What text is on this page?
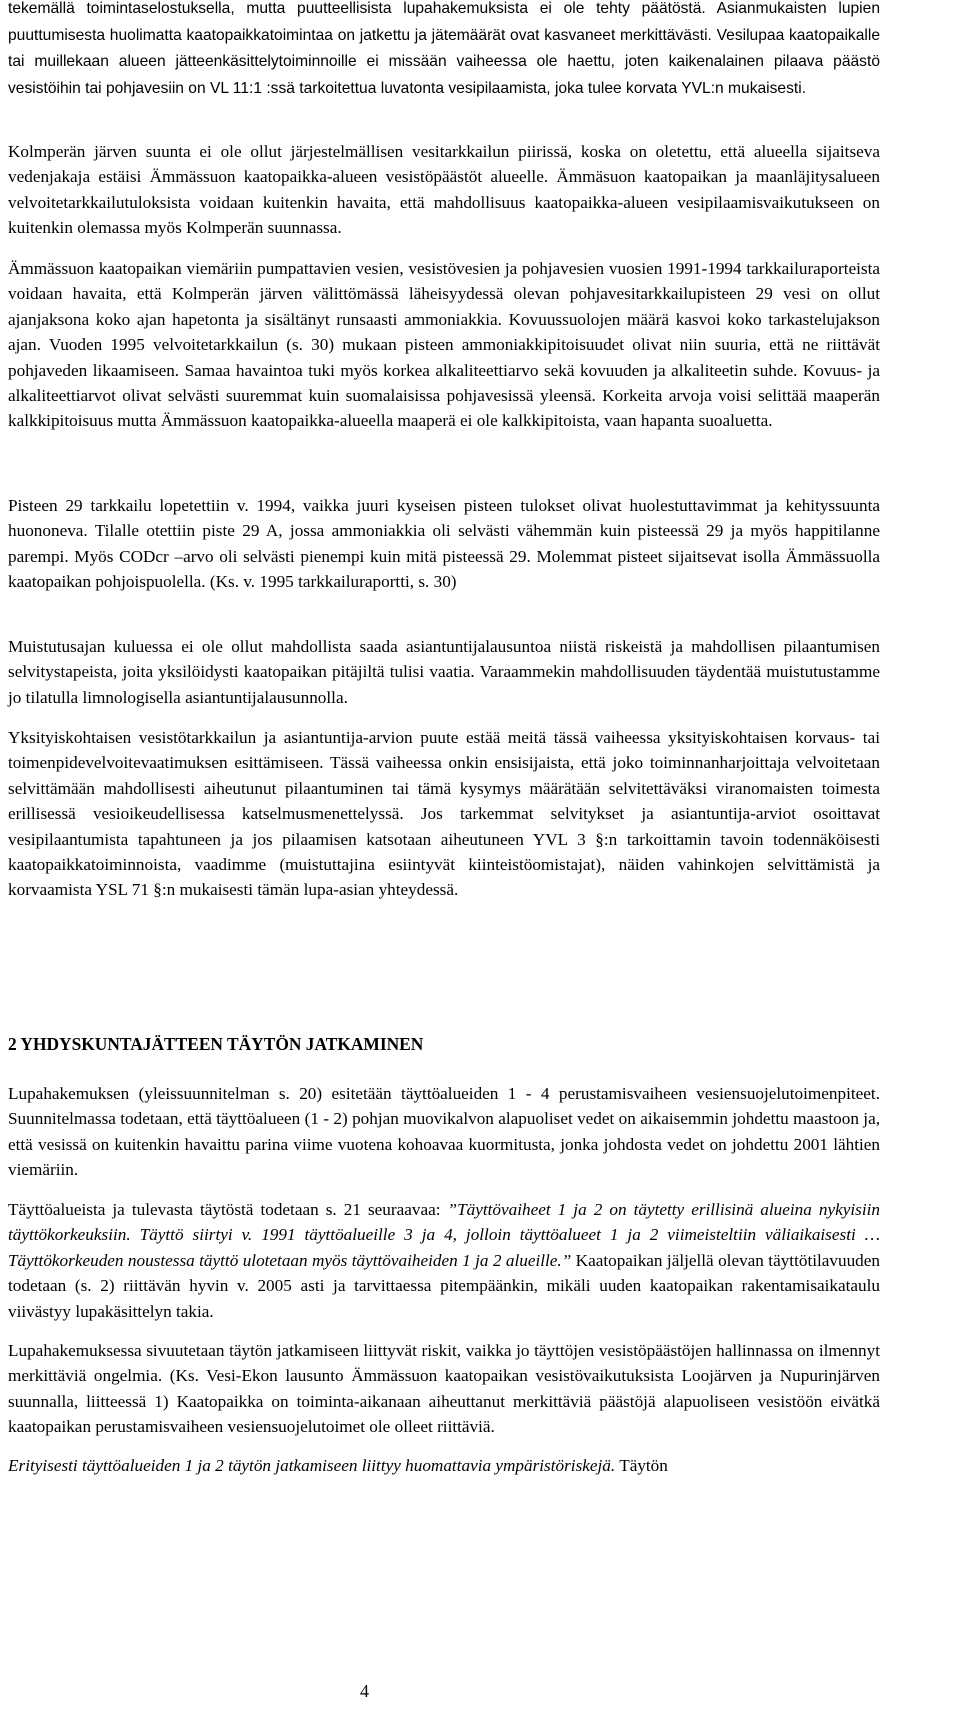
tekemällä toimintaselostuksella, mutta puutteellisista lupahakemuksista ei ole tehty päätöstä. Asianmukaisten lupien puuttumisesta huolimatta kaatopaikkatoimintaa on jatkettu ja jätemäärät ovat kasvaneet merkittävästi. Vesilupaa kaatopaikalle tai muillekaan alueen jätteenkäsittelytoiminnoille ei missään vaiheessa ole haettu, joten kaikenalainen pilaava päästö vesistöihin tai pohjavesiin on VL 11:1 :ssä tarkoitettua luvatonta vesipilaamista, joka tulee korvata YVL:n mukaisesti.

Kolmperän järven suunta ei ole ollut järjestelmällisen vesitarkkailun piirissä, koska on oletettu, että alueella sijaitseva vedenjakaja estäisi Ämmässuon kaatopaikka-alueen vesistöpäästöt alueelle. Ämmäsuon kaatopaikan ja maanläjitysalueen velvoitetarkkailutuloksista voidaan kuitenkin havaita, että mahdollisuus kaatopaikka-alueen vesipilaamisvaikutukseen on kuitenkin olemassa myös Kolmperän suunnassa.

Ämmässuon kaatopaikan viemäriin pumpattavien vesien, vesistövesien ja pohjavesien vuosien 1991-1994 tarkkailuraporteista voidaan havaita, että Kolmperän järven välittömässä läheisyydessä olevan pohjavesitarkkailupisteen 29 vesi on ollut ajanjaksona koko ajan hapetonta ja sisältänyt runsaasti ammoniakkia. Kovuussuolojen määrä kasvoi koko tarkastelujakson ajan. Vuoden 1995 velvoitetarkkailun (s. 30) mukaan pisteen ammoniakkipitoisuudet olivat niin suuria, että ne riittävät pohjaveden likaamiseen. Samaa havaintoa tuki myös korkea alkaliteettiarvo sekä kovuuden ja alkaliteetin suhde. Kovuus- ja alkaliteettiarvot olivat selvästi suuremmat kuin suomalaisissa pohjavesissä yleensä. Korkeita arvoja voisi selittää maaperän kalkkipitoisuus mutta Ämmässuon kaatopaikka-alueella maaperä ei ole kalkkipitoista, vaan hapanta suoaluetta.

Pisteen 29 tarkkailu lopetettiin v. 1994, vaikka juuri kyseisen pisteen tulokset olivat huolestuttavimmat ja kehityssuunta huononeva. Tilalle otettiin piste 29 A, jossa ammoniakkia oli selvästi vähemmän kuin pisteessä 29 ja myös happitilanne parempi. Myös CODcr –arvo oli selvästi pienempi kuin mitä pisteessä 29. Molemmat pisteet sijaitsevat isolla Ämmässuolla kaatopaikan pohjoispuolella. (Ks. v. 1995 tarkkailuraportti, s. 30)

Muistutusajan kuluessa ei ole ollut mahdollista saada asiantuntijalausuntoa niistä riskeistä ja mahdollisen pilaantumisen selvitystapeista, joita yksilöidysti kaatopaikan pitäjiltä tulisi vaatia. Varaammekin mahdollisuuden täydentää muistutustamme jo tilatulla limnologisella asiantuntijalausunnolla.

Yksityiskohtaisen vesistötarkkailun ja asiantuntija-arvion puute estää meitä tässä vaiheessa yksityiskohtaisen korvaus- tai toimenpidevelvoitevaatimuksen esittämiseen. Tässä vaiheessa onkin ensisijaista, että joko toiminnanharjoittaja velvoitetaan selvittämään mahdollisesti aiheutunut pilaantuminen tai tämä kysymys määrätään selvitettäväksi viranomaisten toimesta erillisessä vesioikeudellisessa katselmusmenettelyssä. Jos tarkemmat selvitykset ja asiantuntija-arviot osoittavat vesipilaantumista tapahtuneen ja jos pilaamisen katsotaan aiheutuneen YVL 3 §:n tarkoittamin tavoin todennäköisesti kaatopaikkatoiminnoista, vaadimme (muistuttajina esiintyvät kiinteistöomistajat), näiden vahinkojen selvittämistä ja korvaamista YSL 71 §:n mukaisesti tämän lupa-asian yhteydessä.

2 YHDYSKUNTAJÄTTEEN TÄYTÖN JATKAMINEN

Lupahakemuksen (yleissuunnitelman s. 20) esitetään täyttöalueiden 1 - 4 perustamisvaiheen vesiensuojelutoimenpiteet. Suunnitelmassa todetaan, että täyttöalueen (1 - 2) pohjan muovikalvon alapuoliset vedet on aikaisemmin johdettu maastoon ja, että vesissä on kuitenkin havaittu parina viime vuotena kohoavaa kuormitusta, jonka johdosta vedet on johdettu 2001 lähtien viemäriin.

Täyttöalueista ja tulevasta täytöstä todetaan s. 21 seuraavaa: ”Täyttövaiheet 1 ja 2 on täytetty erillisinä alueina nykyisiin täyttökorkeuksiin. Täyttö siirtyi v. 1991 täyttöalueille 3 ja 4, jolloin täyttöalueet 1 ja 2 viimeisteltiin väliaikaisesti … Täyttökorkeuden noustessa täyttö ulotetaan myös täyttövaiheiden 1 ja 2 alueille.” Kaatopaikan jäljellä olevan täyttötilavuuden todetaan (s. 2) riittävän hyvin v. 2005 asti ja tarvittaessa pitempäänkin, mikäli uuden kaatopaikan rakentamisaikataulu viivästyy lupakäsittelyn takia.

Lupahakemuksessa sivuutetaan täytön jatkamiseen liittyvät riskit, vaikka jo täyttöjen vesistöpäästöjen hallinnassa on ilmennyt merkittäviä ongelmia. (Ks. Vesi-Ekon lausunto Ämmässuon kaatopaikan vesistövaikutuksista Loojärven ja Nupurinjärven suunnalla, liitteessä 1) Kaatopaikka on toiminta-aikanaan aiheuttanut merkittäviä päästöjä alapuoliseen vesistöön eivätkä kaatopaikan perustamisvaiheen vesiensuojelutoimet ole olleet riittäviä.

Erityisesti täyttöalueiden 1 ja 2 täytön jatkamiseen liittyy huomattavia ympäristöriskejä. Täytön

4
